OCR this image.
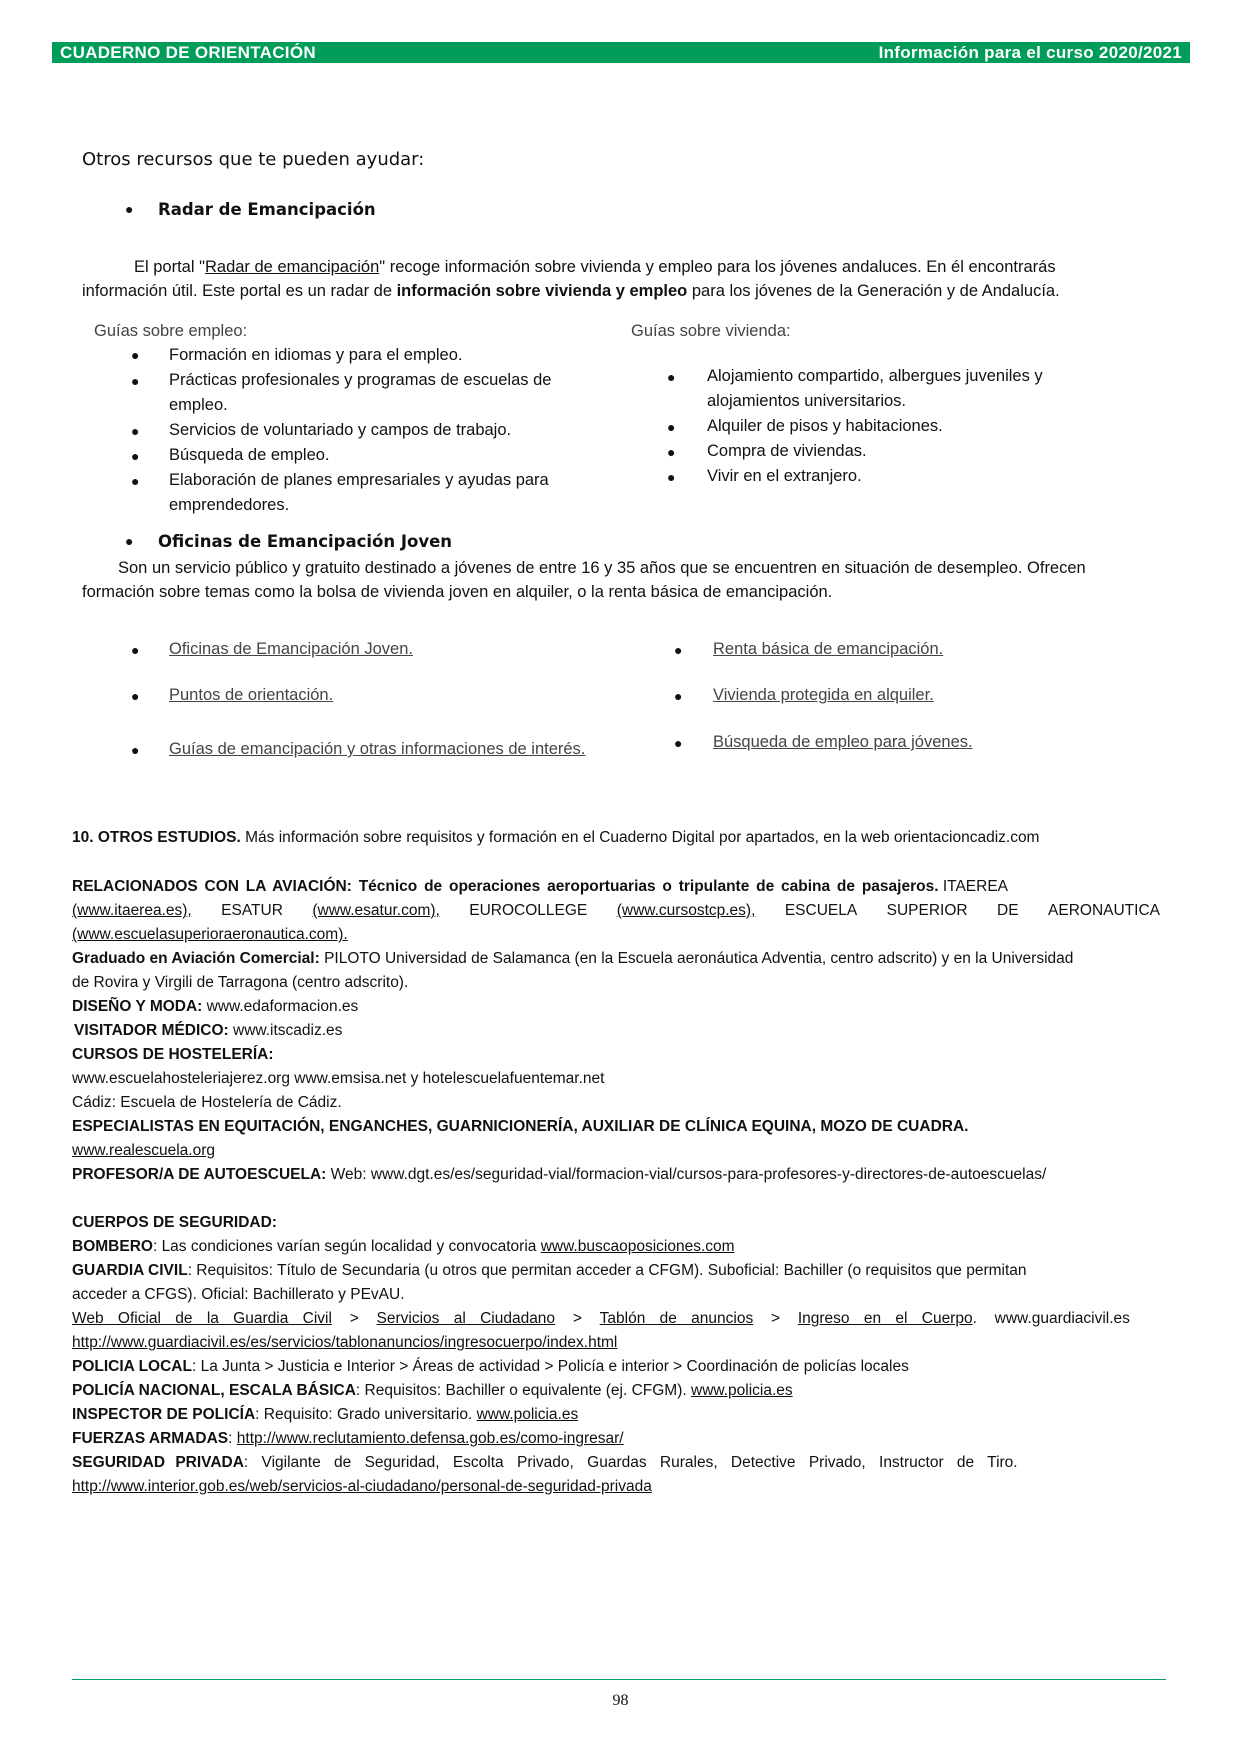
CUADERNO DE ORIENTACIÓN	Información para el curso 2020/2021
Otros recursos que te pueden ayudar:
● Radar de Emancipación
El portal "Radar de emancipación" recoge información sobre vivienda y empleo para los jóvenes andaluces. En él encontrarás
información útil. Este portal es un radar de información sobre vivienda y empleo para los jóvenes de la Generación y de Andalucía.
Guías sobre empleo:
● Formación en idiomas y para el empleo.
● Prácticas profesionales y programas de escuelas de
empleo.
● Servicios de voluntariado y campos de trabajo.
● Búsqueda de empleo.
● Elaboración de planes empresariales y ayudas para
emprendedores.
Guías sobre vivienda:
● Alojamiento compartido, albergues juveniles y
alojamientos universitarios.
● Alquiler de pisos y habitaciones.
● Compra de viviendas.
● Vivir en el extranjero.
● Oficinas de Emancipación Joven
Son un servicio público y gratuito destinado a jóvenes de entre 16 y 35 años que se encuentren en situación de desempleo. Ofrecen
formación sobre temas como la bolsa de vivienda joven en alquiler, o la renta básica de emancipación.
● Oficinas de Emancipación Joven.
● Puntos de orientación.
● Guías de emancipación y otras informaciones de interés.
● Renta básica de emancipación.
● Vivienda protegida en alquiler.
● Búsqueda de empleo para jóvenes.
10. OTROS ESTUDIOS. Más información sobre requisitos y formación en el Cuaderno Digital por apartados, en la web orientacioncadiz.com
RELACIONADOS CON LA AVIACIÓN: Técnico de operaciones aeroportuarias o tripulante de cabina de pasajeros. ITAEREA
(www.itaerea.es), ESATUR (www.esatur.com), EUROCOLLEGE (www.cursostcp.es), ESCUELA SUPERIOR DE AERONAUTICA
(www.escuelasuperioraeronautica.com).
Graduado en Aviación Comercial: PILOTO Universidad de Salamanca (en la Escuela aeronáutica Adventia, centro adscrito) y en la Universidad
de Rovira y Virgili de Tarragona (centro adscrito).
DISEÑO Y MODA: www.edaformacion.es
VISITADOR MÉDICO: www.itscadiz.es
CURSOS DE HOSTELERÍA:
www.escuelahosteleriajerez.org www.emsisa.net y hotelescuelafuentemar.net
Cádiz: Escuela de Hostelería de Cádiz.
ESPECIALISTAS EN EQUITACIÓN, ENGANCHES, GUARNICIONERÍA, AUXILIAR DE CLÍNICA EQUINA, MOZO DE CUADRA.
www.realescuela.org
PROFESOR/A DE AUTOESCUELA: Web: www.dgt.es/es/seguridad-vial/formacion-vial/cursos-para-profesores-y-directores-de-autoescuelas/
CUERPOS DE SEGURIDAD:
BOMBERO: Las condiciones varían según localidad y convocatoria www.buscaoposiciones.com
GUARDIA CIVIL: Requisitos: Título de Secundaria (u otros que permitan acceder a CFGM). Suboficial: Bachiller (o requisitos que permitan
acceder a CFGS). Oficial: Bachillerato y PEvAU.
Web Oficial de la Guardia Civil > Servicios al Ciudadano > Tablón de anuncios > Ingreso en el Cuerpo. www.guardiacivil.es
http://www.guardiacivil.es/es/servicios/tablonanuncios/ingresocuerpo/index.html
POLICIA LOCAL: La Junta > Justicia e Interior > Áreas de actividad > Policía e interior > Coordinación de policías locales
POLICÍA NACIONAL, ESCALA BÁSICA: Requisitos: Bachiller o equivalente (ej. CFGM). www.policia.es
INSPECTOR DE POLICÍA: Requisito: Grado universitario. www.policia.es
FUERZAS ARMADAS: http://www.reclutamiento.defensa.gob.es/como-ingresar/
SEGURIDAD PRIVADA: Vigilante de Seguridad, Escolta Privado, Guardas Rurales, Detective Privado, Instructor de Tiro.
http://www.interior.gob.es/web/servicios-al-ciudadano/personal-de-seguridad-privada
98
